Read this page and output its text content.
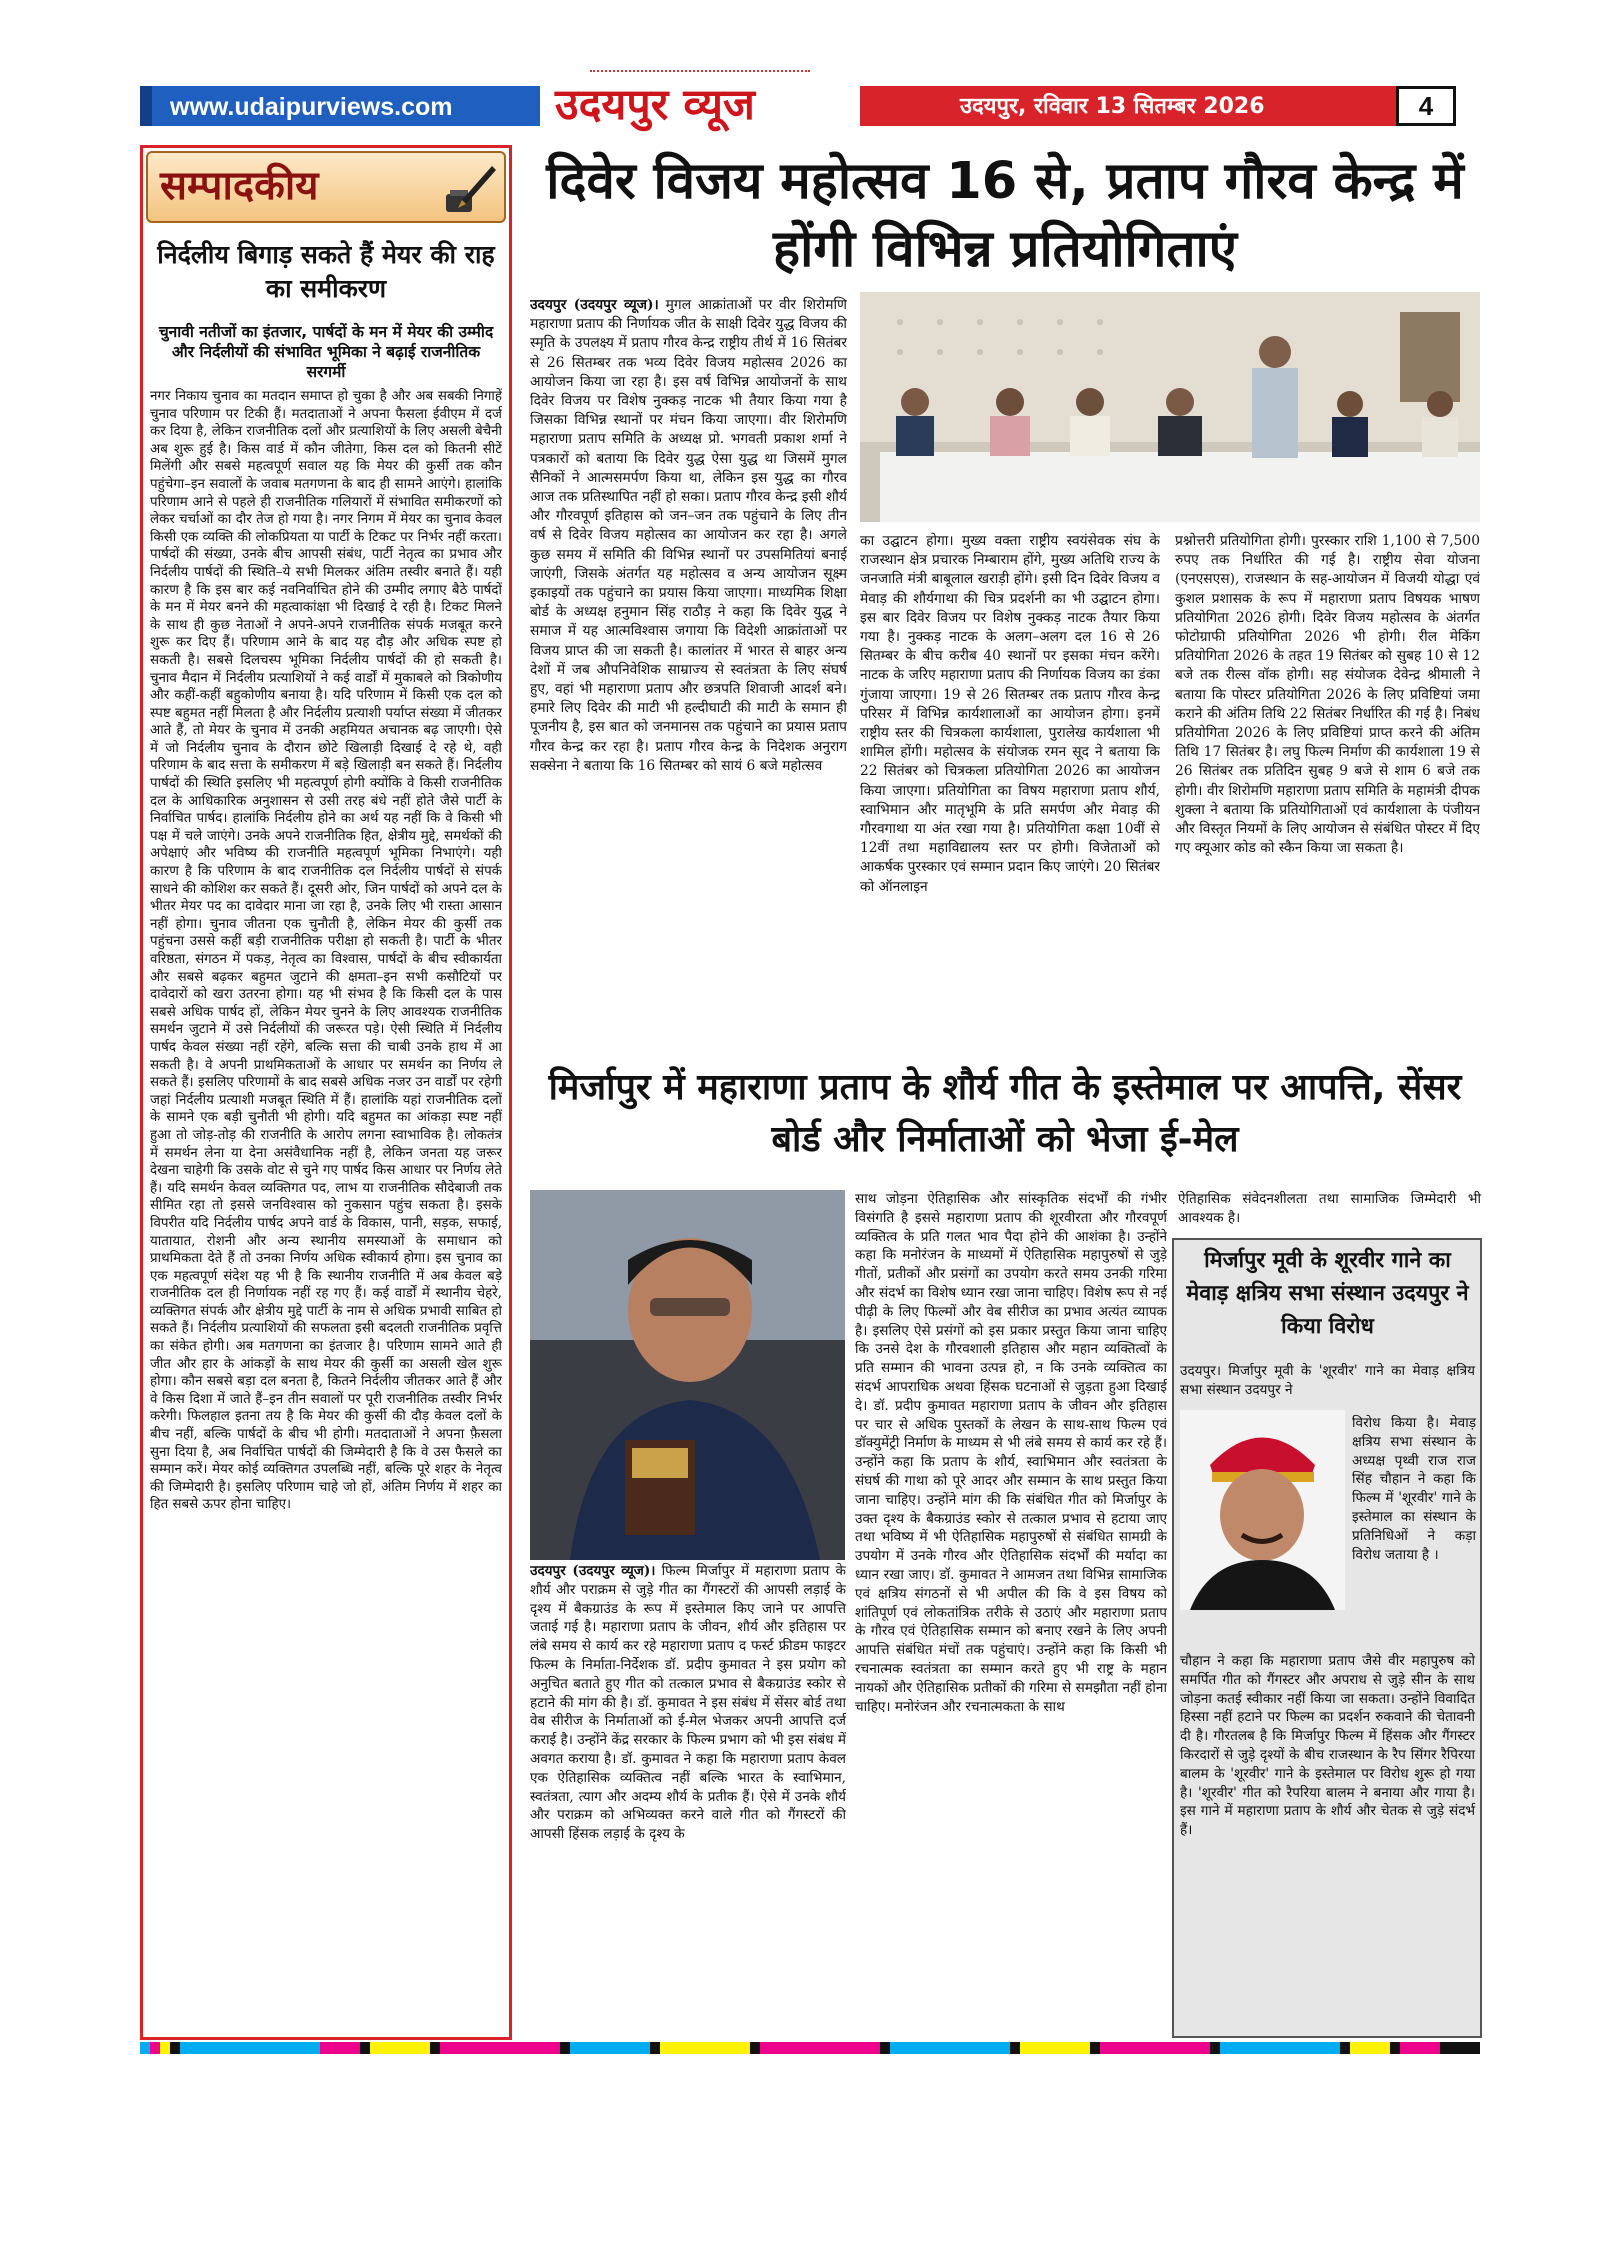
www.udaipurviews.com	उदयपुर व्यूज	उदयपुर, रविवार 13 सितम्बर 2026	4
सम्पादकीय
निर्दलीय बिगाड़ सकते हैं मेयर की राह का समीकरण
चुनावी नतीजों का इंतजार, पार्षदों के मन में मेयर की उम्मीद और निर्दलीयों की संभावित भूमिका ने बढ़ाई राजनीतिक सरगर्मी
नगर निकाय चुनाव का मतदान समाप्त हो चुका है और अब सबकी निगाहें चुनाव परिणाम पर टिकी हैं। मतदाताओं ने अपना फैसला ईवीएम में दर्ज कर दिया है, लेकिन राजनीतिक दलों और प्रत्याशियों के लिए असली बेचैनी अब शुरू हुई है। किस वार्ड में कौन जीतेगा, किस दल को कितनी सीटें मिलेंगी और सबसे महत्वपूर्ण सवाल यह कि मेयर की कुर्सी तक कौन पहुंचेगा–इन सवालों के जवाब मतगणना के बाद ही सामने आएंगे। हालांकि परिणाम आने से पहले ही राजनीतिक गलियारों में संभावित समीकरणों को लेकर चर्चाओं का दौर तेज हो गया है। नगर निगम में मेयर का चुनाव केवल किसी एक व्यक्ति की लोकप्रियता या पार्टी के टिकट पर निर्भर नहीं करता। पार्षदों की संख्या, उनके बीच आपसी संबंध, पार्टी नेतृत्व का प्रभाव और निर्दलीय पार्षदों की स्थिति–ये सभी मिलकर अंतिम तस्वीर बनाते हैं। यही कारण है कि इस बार कई नवनिर्वाचित होने की उम्मीद लगाए बैठे पार्षदों के मन में मेयर बनने की महत्वाकांक्षा भी दिखाई दे रही है। टिकट मिलने के साथ ही कुछ नेताओं ने अपने-अपने राजनीतिक संपर्क मजबूत करने शुरू कर दिए हैं। परिणाम आने के बाद यह दौड़ और अधिक स्पष्ट हो सकती है। सबसे दिलचस्प भूमिका निर्दलीय पार्षदों की हो सकती है। चुनाव मैदान में निर्दलीय प्रत्याशियों ने कई वार्डों में मुकाबले को त्रिकोणीय और कहीं-कहीं बहुकोणीय बनाया है। यदि परिणाम में किसी एक दल को स्पष्ट बहुमत नहीं मिलता है और निर्दलीय प्रत्याशी पर्याप्त संख्या में जीतकर आते हैं, तो मेयर के चुनाव में उनकी अहमियत अचानक बढ़ जाएगी। ऐसे में जो निर्दलीय चुनाव के दौरान छोटे खिलाड़ी दिखाई दे रहे थे, वही परिणाम के बाद सत्ता के समीकरण में बड़े खिलाड़ी बन सकते हैं। निर्दलीय पार्षदों की स्थिति इसलिए भी महत्वपूर्ण होगी क्योंकि वे किसी राजनीतिक दल के आधिकारिक अनुशासन से उसी तरह बंधे नहीं होते जैसे पार्टी के निर्वाचित पार्षद। हालांकि निर्दलीय होने का अर्थ यह नहीं कि वे किसी भी पक्ष में चले जाएंगे। उनके अपने राजनीतिक हित, क्षेत्रीय मुद्दे, समर्थकों की अपेक्षाएं और भविष्य की राजनीति महत्वपूर्ण भूमिका निभाएंगे। यही कारण है कि परिणाम के बाद राजनीतिक दल निर्दलीय पार्षदों से संपर्क साधने की कोशिश कर सकते हैं। दूसरी ओर, जिन पार्षदों को अपने दल के भीतर मेयर पद का दावेदार माना जा रहा है, उनके लिए भी रास्ता आसान नहीं होगा। चुनाव जीतना एक चुनौती है, लेकिन मेयर की कुर्सी तक पहुंचना उससे कहीं बड़ी राजनीतिक परीक्षा हो सकती है। पार्टी के भीतर वरिष्ठता, संगठन में पकड़, नेतृत्व का विश्वास, पार्षदों के बीच स्वीकार्यता और सबसे बढ़कर बहुमत जुटाने की क्षमता–इन सभी कसौटियों पर दावेदारों को खरा उतरना होगा। यह भी संभव है कि किसी दल के पास सबसे अधिक पार्षद हों, लेकिन मेयर चुनने के लिए आवश्यक राजनीतिक समर्थन जुटाने में उसे निर्दलीयों की जरूरत पड़े। ऐसी स्थिति में निर्दलीय पार्षद केवल संख्या नहीं रहेंगे, बल्कि सत्ता की चाबी उनके हाथ में आ सकती है। वे अपनी प्राथमिकताओं के आधार पर समर्थन का निर्णय ले सकते हैं। इसलिए परिणामों के बाद सबसे अधिक नजर उन वार्डों पर रहेगी जहां निर्दलीय प्रत्याशी मजबूत स्थिति में हैं। हालांकि यहां राजनीतिक दलों के सामने एक बड़ी चुनौती भी होगी। यदि बहुमत का आंकड़ा स्पष्ट नहीं हुआ तो जोड़-तोड़ की राजनीति के आरोप लगना स्वाभाविक है। लोकतंत्र में समर्थन लेना या देना असंवैधानिक नहीं है, लेकिन जनता यह जरूर देखना चाहेगी कि उसके वोट से चुने गए पार्षद किस आधार पर निर्णय लेते हैं। यदि समर्थन केवल व्यक्तिगत पद, लाभ या राजनीतिक सौदेबाजी तक सीमित रहा तो इससे जनविश्वास को नुकसान पहुंच सकता है। इसके विपरीत यदि निर्दलीय पार्षद अपने वार्ड के विकास, पानी, सड़क, सफाई, यातायात, रोशनी और अन्य स्थानीय समस्याओं के समाधान को प्राथमिकता देते हैं तो उनका निर्णय अधिक स्वीकार्य होगा। इस चुनाव का एक महत्वपूर्ण संदेश यह भी है कि स्थानीय राजनीति में अब केवल बड़े राजनीतिक दल ही निर्णायक नहीं रह गए हैं। कई वार्डों में स्थानीय चेहरे, व्यक्तिगत संपर्क और क्षेत्रीय मुद्दे पार्टी के नाम से अधिक प्रभावी साबित हो सकते हैं। निर्दलीय प्रत्याशियों की सफलता इसी बदलती राजनीतिक प्रवृत्ति का संकेत होगी। अब मतगणना का इंतजार है। परिणाम सामने आते ही जीत और हार के आंकड़ों के साथ मेयर की कुर्सी का असली खेल शुरू होगा। कौन सबसे बड़ा दल बनता है, कितने निर्दलीय जीतकर आते हैं और वे किस दिशा में जाते हैं–इन तीन सवालों पर पूरी राजनीतिक तस्वीर निर्भर करेगी। फिलहाल इतना तय है कि मेयर की कुर्सी की दौड़ केवल दलों के बीच नहीं, बल्कि पार्षदों के बीच भी होगी। मतदाताओं ने अपना फ़ैसला सुना दिया है, अब निर्वाचित पार्षदों की जिम्मेदारी है कि वे उस फैसले का सम्मान करें। मेयर कोई व्यक्तिगत उपलब्धि नहीं, बल्कि पूरे शहर के नेतृत्व की जिम्मेदारी है। इसलिए परिणाम चाहे जो हों, अंतिम निर्णय में शहर का हित सबसे ऊपर होना चाहिए।
दिवेर विजय महोत्सव 16 से, प्रताप गौरव केन्द्र में होंगी विभिन्न प्रतियोगिताएं
उदयपुर (उदयपुर व्यूज)। मुगल आक्रांताओं पर वीर शिरोमणि महाराणा प्रताप की निर्णायक जीत के साक्षी दिवेर युद्ध विजय की स्मृति के उपलक्ष्य में प्रताप गौरव केन्द्र राष्ट्रीय तीर्थ में 16 सितंबर से 26 सितम्बर तक भव्य दिवेर विजय महोत्सव 2026 का आयोजन किया जा रहा है। इस वर्ष विभिन्न आयोजनों के साथ दिवेर विजय पर विशेष नुक्कड़ नाटक भी तैयार किया गया है जिसका विभिन्न स्थानों पर मंचन किया जाएगा। वीर शिरोमणि महाराणा प्रताप समिति के अध्यक्ष प्रो. भगवती प्रकाश शर्मा ने पत्रकारों को बताया कि दिवेर युद्ध ऐसा युद्ध था जिसमें मुगल सैनिकों ने आत्मसमर्पण किया था, लेकिन इस युद्ध का गौरव आज तक प्रतिस्थापित नहीं हो सका। प्रताप गौरव केन्द्र इसी शौर्य और गौरवपूर्ण इतिहास को जन–जन तक पहुंचाने के लिए तीन वर्ष से दिवेर विजय महोत्सव का आयोजन कर रहा है। अगले कुछ समय में समिति की विभिन्न स्थानों पर उपसमितियां बनाई जाएंगी, जिसके अंतर्गत यह महोत्सव व अन्य आयोजन सूक्ष्म इकाइयों तक पहुंचाने का प्रयास किया जाएगा। माध्यमिक शिक्षा बोर्ड के अध्यक्ष हनुमान सिंह राठौड़ ने कहा कि दिवेर युद्ध ने समाज में यह आत्मविश्वास जगाया कि विदेशी आक्रांताओं पर विजय प्राप्त की जा सकती है। कालांतर में भारत से बाहर अन्य देशों में जब औपनिवेशिक साम्राज्य से स्वतंत्रता के लिए संघर्ष हुए, वहां भी महाराणा प्रताप और छत्रपति शिवाजी आदर्श बने। हमारे लिए दिवेर की माटी भी हल्दीघाटी की माटी के समान ही पूजनीय है, इस बात को जनमानस तक पहुंचाने का प्रयास प्रताप गौरव केन्द्र कर रहा है। प्रताप गौरव केन्द्र के निदेशक अनुराग सक्सेना ने बताया कि 16 सितम्बर को सायं 6 बजे महोत्सव
का उद्घाटन होगा। मुख्य वक्ता राष्ट्रीय स्वयंसेवक संघ के राजस्थान क्षेत्र प्रचारक निम्बाराम होंगे, मुख्य अतिथि राज्य के जनजाति मंत्री बाबूलाल खराड़ी होंगे। इसी दिन दिवेर विजय व मेवाड़ की शौर्यगाथा की चित्र प्रदर्शनी का भी उद्घाटन होगा। इस बार दिवेर विजय पर विशेष नुक्कड़ नाटक तैयार किया गया है। नुक्कड़ नाटक के अलग–अलग दल 16 से 26 सितम्बर के बीच करीब 40 स्थानों पर इसका मंचन करेंगे। नाटक के जरिए महाराणा प्रताप की निर्णायक विजय का डंका गुंजाया जाएगा। 19 से 26 सितम्बर तक प्रताप गौरव केन्द्र परिसर में विभिन्न कार्यशालाओं का आयोजन होगा। इनमें राष्ट्रीय स्तर की चित्रकला कार्यशाला, पुरालेख कार्यशाला भी शामिल होंगी। महोत्सव के संयोजक रमन सूद ने बताया कि 22 सितंबर को चित्रकला प्रतियोगिता 2026 का आयोजन किया जाएगा। प्रतियोगिता का विषय महाराणा प्रताप शौर्य, स्वाभिमान और मातृभूमि के प्रति समर्पण और मेवाड़ की गौरवगाथा या अंत रखा गया है। प्रतियोगिता कक्षा 10वीं से 12वीं तथा महाविद्यालय स्तर पर होगी। विजेताओं को आकर्षक पुरस्कार एवं सम्मान प्रदान किए जाएंगे। 20 सितंबर को ऑनलाइन
प्रश्नोत्तरी प्रतियोगिता होगी। पुरस्कार राशि 1,100 से 7,500 रुपए तक निर्धारित की गई है। राष्ट्रीय सेवा योजना (एनएसएस), राजस्थान के सह-आयोजन में विजयी योद्धा एवं कुशल प्रशासक के रूप में महाराणा प्रताप विषयक भाषण प्रतियोगिता 2026 होगी। दिवेर विजय महोत्सव के अंतर्गत फोटोग्राफी प्रतियोगिता 2026 भी होगी। रील मेकिंग प्रतियोगिता 2026 के तहत 19 सितंबर को सुबह 10 से 12 बजे तक रील्स वॉक होगी। सह संयोजक देवेन्द्र श्रीमाली ने बताया कि पोस्टर प्रतियोगिता 2026 के लिए प्रविष्टियां जमा कराने की अंतिम तिथि 22 सितंबर निर्धारित की गई है। निबंध प्रतियोगिता 2026 के लिए प्रविष्टियां प्राप्त करने की अंतिम तिथि 17 सितंबर है। लघु फिल्म निर्माण की कार्यशाला 19 से 26 सितंबर तक प्रतिदिन सुबह 9 बजे से शाम 6 बजे तक होगी। वीर शिरोमणि महाराणा प्रताप समिति के महामंत्री दीपक शुक्ला ने बताया कि प्रतियोगिताओं एवं कार्यशाला के पंजीयन और विस्तृत नियमों के लिए आयोजन से संबंधित पोस्टर में दिए गए क्यूआर कोड को स्कैन किया जा सकता है।
मिर्जापुर में महाराणा प्रताप के शौर्य गीत के इस्तेमाल पर आपत्ति, सेंसर बोर्ड और निर्माताओं को भेजा ई-मेल
उदयपुर (उदयपुर व्यूज)। फिल्म मिर्जापुर में महाराणा प्रताप के शौर्य और पराक्रम से जुड़े गीत का गैंगस्टरों की आपसी लड़ाई के दृश्य में बैकग्राउंड के रूप में इस्तेमाल किए जाने पर आपत्ति जताई गई है। महाराणा प्रताप के जीवन, शौर्य और इतिहास पर लंबे समय से कार्य कर रहे महाराणा प्रताप द फर्स्ट फ्रीडम फाइटर फिल्म के निर्माता-निर्देशक डॉ. प्रदीप कुमावत ने इस प्रयोग को अनुचित बताते हुए गीत को तत्काल प्रभाव से बैकग्राउंड स्कोर से हटाने की मांग की है। डॉ. कुमावत ने इस संबंध में सेंसर बोर्ड तथा वेब सीरीज के निर्माताओं को ई-मेल भेजकर अपनी आपत्ति दर्ज कराई है। उन्होंने केंद्र सरकार के फिल्म प्रभाग को भी इस संबंध में अवगत कराया है। डॉ. कुमावत ने कहा कि महाराणा प्रताप केवल एक ऐतिहासिक व्यक्तित्व नहीं बल्कि भारत के स्वाभिमान, स्वतंत्रता, त्याग और अदम्य शौर्य के प्रतीक हैं। ऐसे में उनके शौर्य और पराक्रम को अभिव्यक्त करने वाले गीत को गैंगस्टरों की आपसी हिंसक लड़ाई के दृश्य के
साथ जोड़ना ऐतिहासिक और सांस्कृतिक संदर्भों की गंभीर विसंगति है इससे महाराणा प्रताप की शूरवीरता और गौरवपूर्ण व्यक्तित्व के प्रति गलत भाव पैदा होने की आशंका है। उन्होंने कहा कि मनोरंजन के माध्यमों में ऐतिहासिक महापुरुषों से जुड़े गीतों, प्रतीकों और प्रसंगों का उपयोग करते समय उनकी गरिमा और संदर्भ का विशेष ध्यान रखा जाना चाहिए। विशेष रूप से नई पीढ़ी के लिए फिल्मों और वेब सीरीज का प्रभाव अत्यंत व्यापक है। इसलिए ऐसे प्रसंगों को इस प्रकार प्रस्तुत किया जाना चाहिए कि उनसे देश के गौरवशाली इतिहास और महान व्यक्तित्वों के प्रति सम्मान की भावना उत्पन्न हो, न कि उनके व्यक्तित्व का संदर्भ आपराधिक अथवा हिंसक घटनाओं से जुड़ता हुआ दिखाई दे। डॉ. प्रदीप कुमावत महाराणा प्रताप के जीवन और इतिहास पर चार से अधिक पुस्तकों के लेखन के साथ-साथ फिल्म एवं डॉक्युमेंट्री निर्माण के माध्यम से भी लंबे समय से कार्य कर रहे हैं। उन्होंने कहा कि प्रताप के शौर्य, स्वाभिमान और स्वतंत्रता के संघर्ष की गाथा को पूरे आदर और सम्मान के साथ प्रस्तुत किया जाना चाहिए। उन्होंने मांग की कि संबंधित गीत को मिर्जापुर के उक्त दृश्य के बैकग्राउंड स्कोर से तत्काल प्रभाव से हटाया जाए तथा भविष्य में भी ऐतिहासिक महापुरुषों से संबंधित सामग्री के उपयोग में उनके गौरव और ऐतिहासिक संदर्भों की मर्यादा का ध्यान रखा जाए। डॉ. कुमावत ने आमजन तथा विभिन्न सामाजिक एवं क्षत्रिय संगठनों से भी अपील की कि वे इस विषय को शांतिपूर्ण एवं लोकतांत्रिक तरीके से उठाएं और महाराणा प्रताप के गौरव एवं ऐतिहासिक सम्मान को बनाए रखने के लिए अपनी आपत्ति संबंधित मंचों तक पहुंचाएं। उन्होंने कहा कि किसी भी रचनात्मक स्वतंत्रता का सम्मान करते हुए भी राष्ट्र के महान नायकों और ऐतिहासिक प्रतीकों की गरिमा से समझौता नहीं होना चाहिए। मनोरंजन और रचनात्मकता के साथ
ऐतिहासिक संवेदनशीलता तथा सामाजिक जिम्मेदारी भी आवश्यक है।
मिर्जापुर मूवी के शूरवीर गाने का मेवाड़ क्षत्रिय सभा संस्थान उदयपुर ने किया विरोध
उदयपुर। मिर्जापुर मूवी के 'शूरवीर' गाने का मेवाड़ क्षत्रिय सभा संस्थान उदयपुर ने
विरोध किया है। मेवाड़ क्षत्रिय सभा संस्थान के अध्यक्ष पृथ्वी राज राज सिंह चौहान ने कहा कि फिल्म में 'शूरवीर' गाने के इस्तेमाल का संस्थान के प्रतिनिधिओं ने कड़ा विरोध जताया है ।
चौहान ने कहा कि महाराणा प्रताप जैसे वीर महापुरुष को समर्पित गीत को गैंगस्टर और अपराध से जुड़े सीन के साथ जोड़ना कतई स्वीकार नहीं किया जा सकता। उन्होंने विवादित हिस्सा नहीं हटाने पर फिल्म का प्रदर्शन रुकवाने की चेतावनी दी है। गौरतलब है कि मिर्जापुर फिल्म में हिंसक और गैंगस्टर किरदारों से जुड़े दृश्यों के बीच राजस्थान के रैप सिंगर रैपिरया बालम के 'शूरवीर' गाने के इस्तेमाल पर विरोध शुरू हो गया है। 'शूरवीर' गीत को रैपरिया बालम ने बनाया और गाया है। इस गाने में महाराणा प्रताप के शौर्य और चेतक से जुड़े संदर्भ हैं।
